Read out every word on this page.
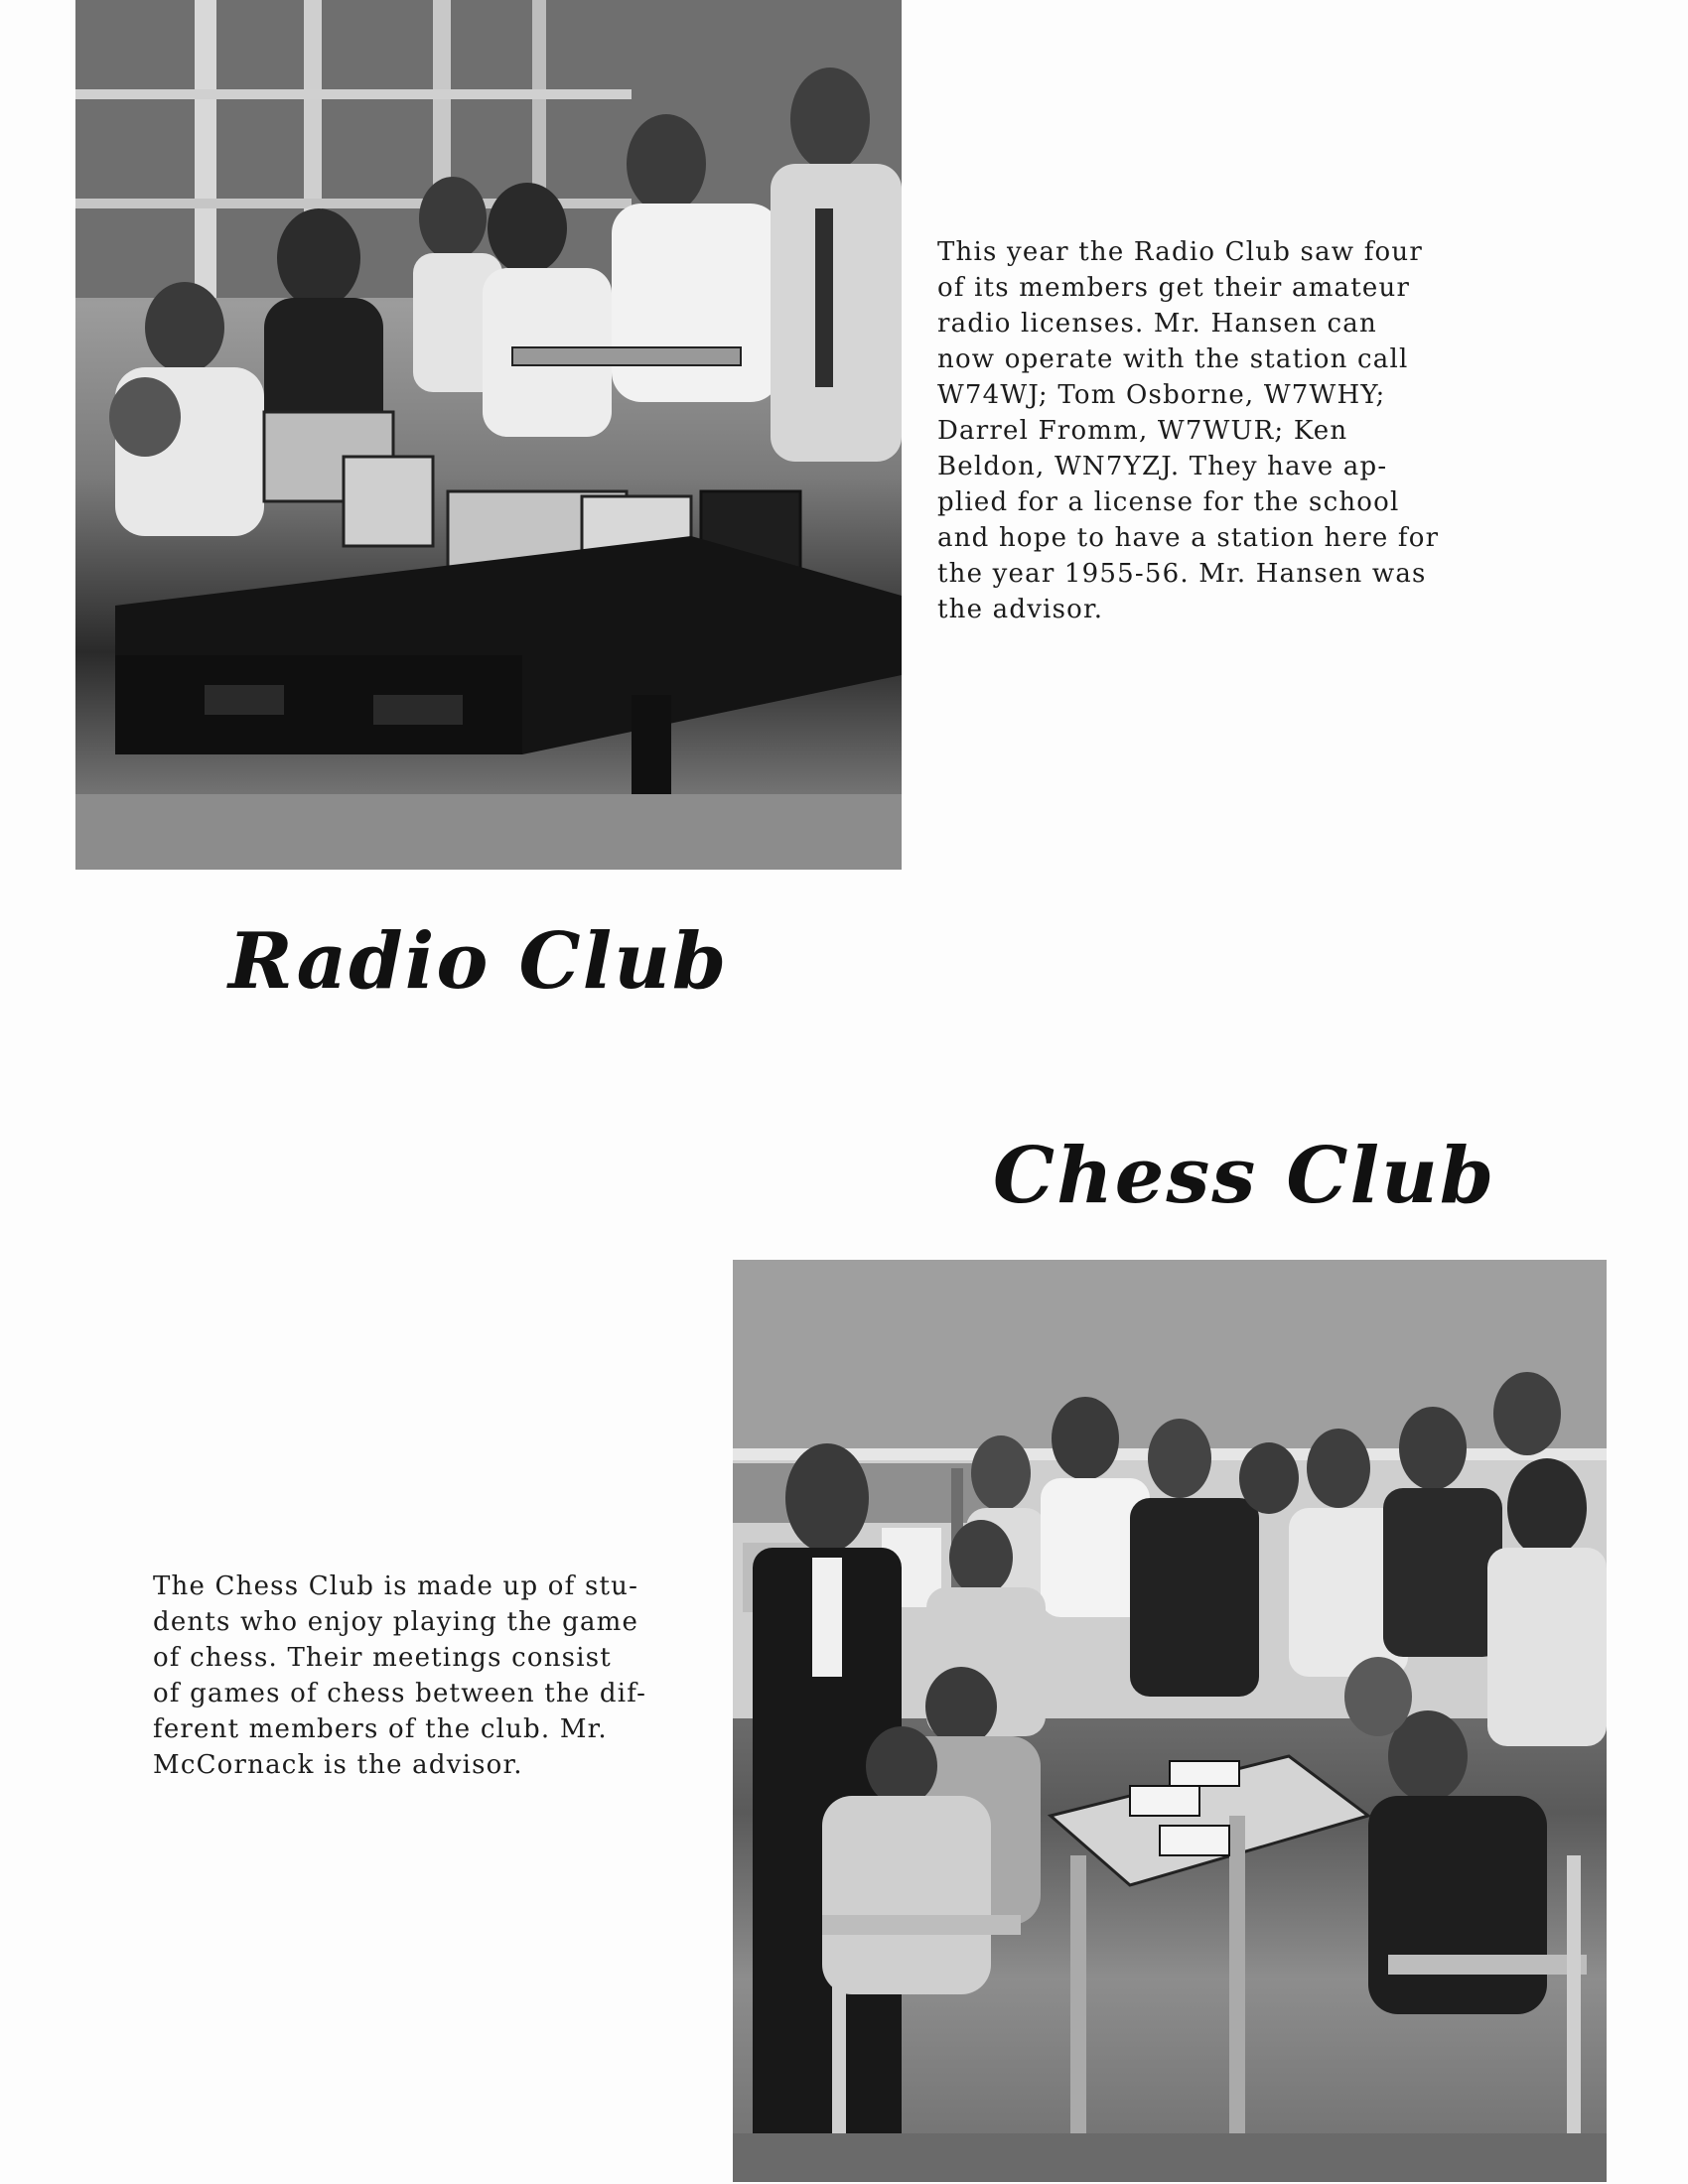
This year the Radio Club saw four
of its members get their amateur
radio licenses. Mr. Hansen can
now operate with the station call
W74WJ; Tom Osborne, W7WHY;
Darrel Fromm, W7WUR; Ken
Beldon, WN7YZJ. They have ap-
plied for a license for the school
and hope to have a station here for
the year 1955-56. Mr. Hansen was
the advisor.
Radio Club
Chess Club
The Chess Club is made up of stu-
dents who enjoy playing the game
of chess. Their meetings consist
of games of chess between the dif-
ferent members of the club. Mr.
McCornack is the advisor.
